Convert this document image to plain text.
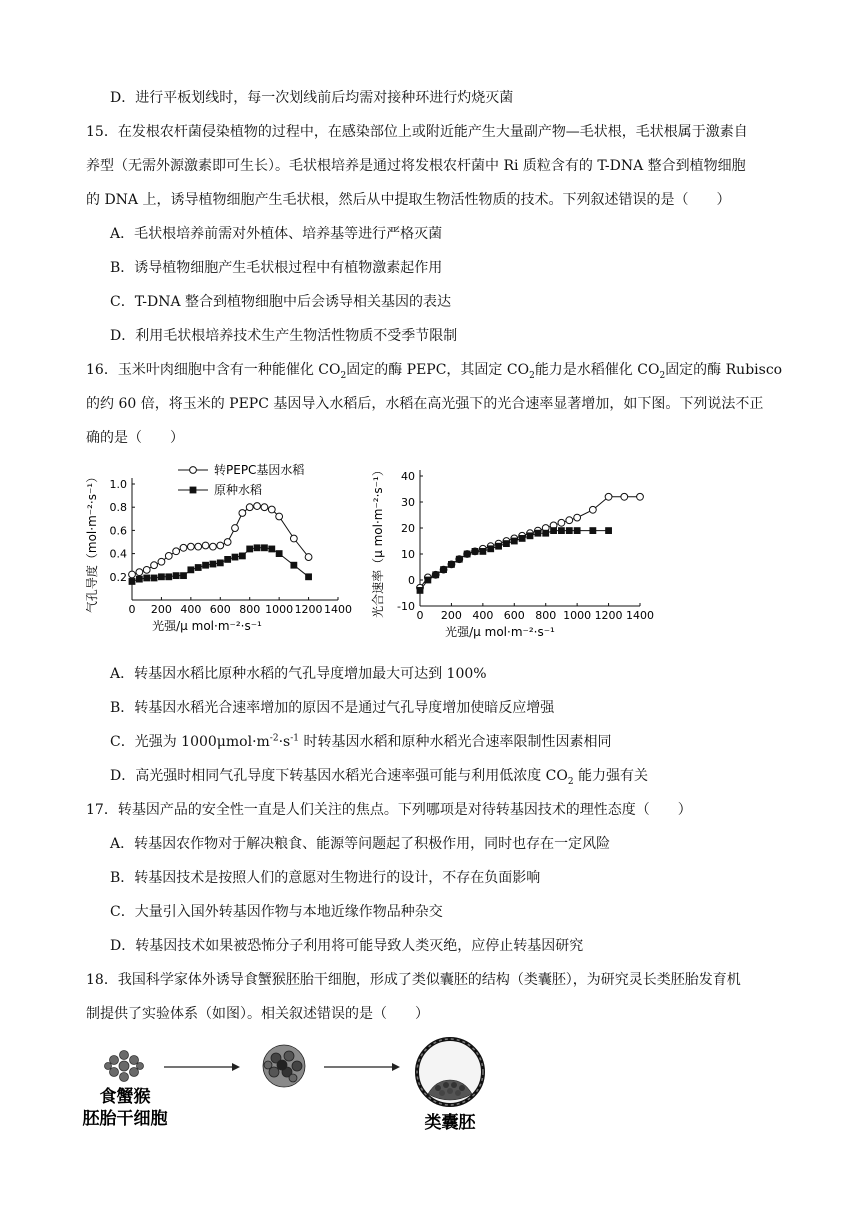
D．进行平板划线时，每一次划线前后均需对接种环进行灼烧灭菌
15．在发根农杆菌侵染植物的过程中，在感染部位上或附近能产生大量副产物—毛状根，毛状根属于激素自
养型（无需外源激素即可生长）。毛状根培养是通过将发根农杆菌中 Ri 质粒含有的 T-DNA 整合到植物细胞
的 DNA 上，诱导植物细胞产生毛状根，然后从中提取生物活性物质的技术。下列叙述错误的是（　　）
A．毛状根培养前需对外植体、培养基等进行严格灭菌
B．诱导植物细胞产生毛状根过程中有植物激素起作用
C．T-DNA 整合到植物细胞中后会诱导相关基因的表达
D．利用毛状根培养技术生产生物活性物质不受季节限制
16．玉米叶肉细胞中含有一种能催化 $CO_2$固定的酶 PEPC，其固定 $CO_2$能力是水稻催化 $CO_2$固定的酶 Rubisco
的约 60 倍，将玉米的 PEPC 基因导入水稻后，水稻在高光强下的光合速率显著增加，如下图。下列说法不正
确的是（　　）
0 200 400 600 800 1000 1200 1400
0.2
0.4
0.6
0.8
1.0
光强/μ mol·m⁻²·s⁻¹
气孔导度（mol·m⁻²·s⁻¹）
转PEPC基因水稻
原种水稻
0 200 400 600 800 1000 1200 1400
-10
0
10
20
30
40
光强/μ mol·m⁻²·s⁻¹
光合速率（μ mol·m⁻²·s⁻¹）
A．转基因水稻比原种水稻的气孔导度增加最大可达到 100%
B．转基因水稻光合速率增加的原因不是通过气孔导度增加使暗反应增强
C．光强为 $1000\mu mol\cdot m^{-2}\cdot s^{-1}$ 时转基因水稻和原种水稻光合速率限制性因素相同
D．高光强时相同气孔导度下转基因水稻光合速率强可能与利用低浓度 $CO_2$ 能力强有关
17．转基因产品的安全性一直是人们关注的焦点。下列哪项是对待转基因技术的理性态度（　　）
A．转基因农作物对于解决粮食、能源等问题起了积极作用，同时也存在一定风险
B．转基因技术是按照人们的意愿对生物进行的设计，不存在负面影响
C．大量引入国外转基因作物与本地近缘作物品种杂交
D．转基因技术如果被恐怖分子利用将可能导致人类灭绝，应停止转基因研究
18．我国科学家体外诱导食蟹猴胚胎干细胞，形成了类似囊胚的结构（类囊胚），为研究灵长类胚胎发育机
制提供了实验体系（如图）。相关叙述错误的是（　　）
食蟹猴
胚胎干细胞	类囊胚
